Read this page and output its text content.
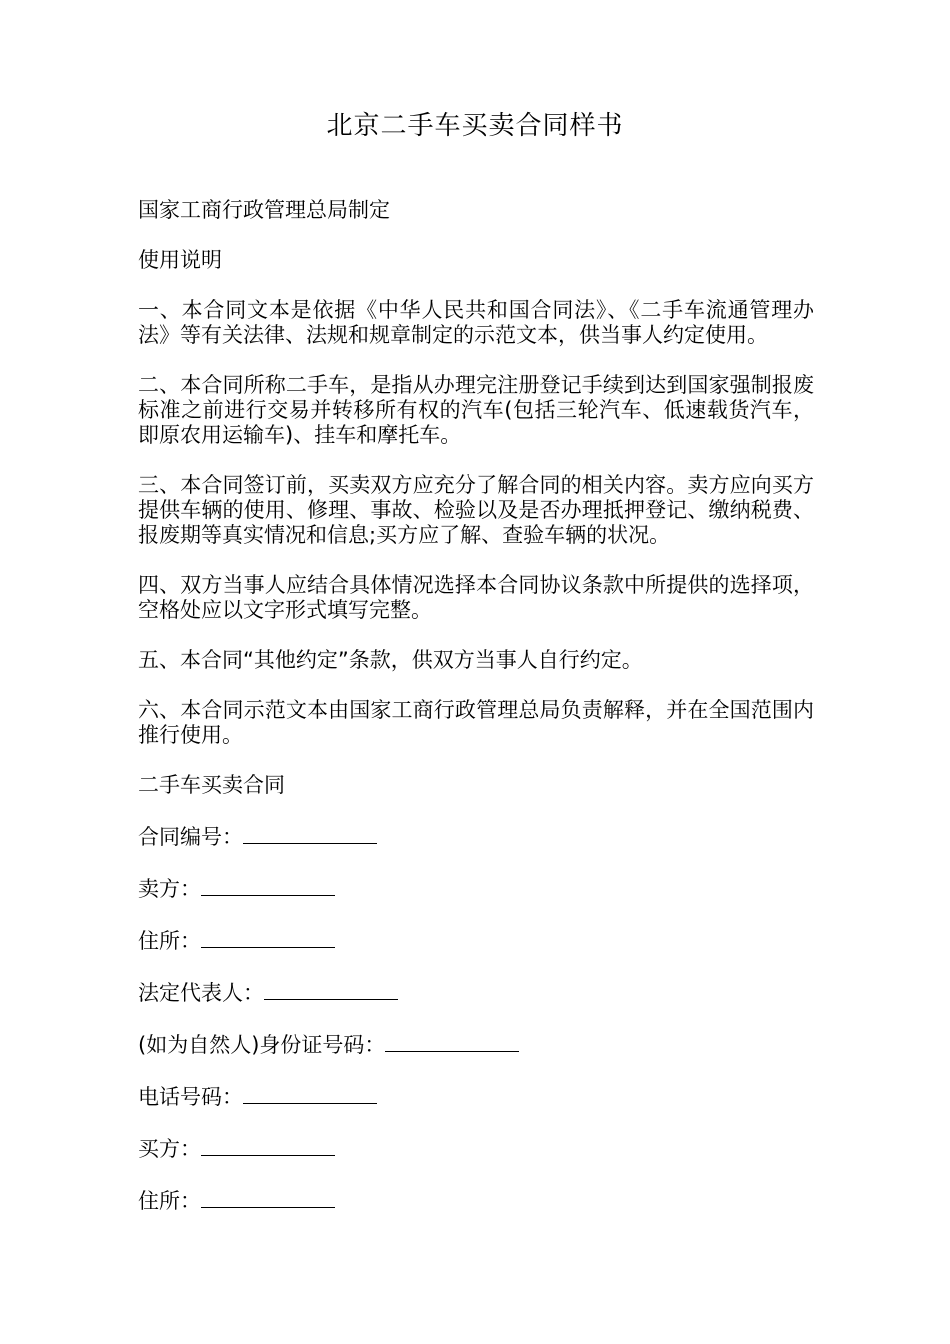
北京二手车买卖合同样书
国家工商行政管理总局制定
使用说明
一、本合同文本是依据《中华人民共和国合同法》、《二手车流通管理办法》等有关法律、法规和规章制定的示范文本，供当事人约定使用。
二、本合同所称二手车，是指从办理完注册登记手续到达到国家强制报废标准之前进行交易并转移所有权的汽车(包括三轮汽车、低速载货汽车，即原农用运输车)、挂车和摩托车。
三、本合同签订前，买卖双方应充分了解合同的相关内容。卖方应向买方提供车辆的使用、修理、事故、检验以及是否办理抵押登记、缴纳税费、报废期等真实情况和信息;买方应了解、查验车辆的状况。
四、双方当事人应结合具体情况选择本合同协议条款中所提供的选择项，空格处应以文字形式填写完整。
五、本合同“其他约定”条款，供双方当事人自行约定。
六、本合同示范文本由国家工商行政管理总局负责解释，并在全国范围内推行使用。
二手车买卖合同
合同编号：
卖方：
住所：
法定代表人：
(如为自然人)身份证号码：
电话号码：
买方：
住所：
